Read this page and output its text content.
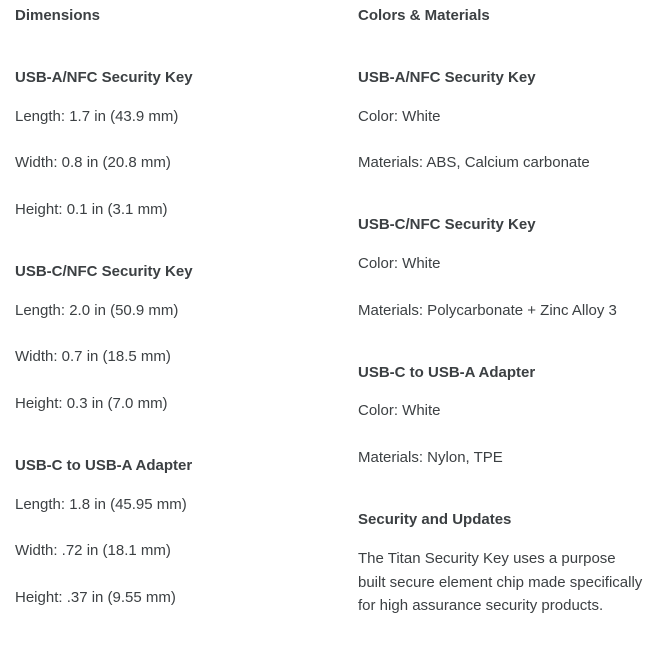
Dimensions
USB-A/NFC Security Key
Length: 1.7 in (43.9 mm)
Width: 0.8 in (20.8 mm)
Height: 0.1 in (3.1 mm)
USB-C/NFC Security Key
Length: 2.0 in (50.9 mm)
Width: 0.7 in (18.5 mm)
Height: 0.3 in (7.0 mm)
USB-C to USB-A Adapter
Length: 1.8 in (45.95 mm)
Width: .72 in (18.1 mm)
Height: .37 in (9.55 mm)
Colors & Materials
USB-A/NFC Security Key
Color: White
Materials: ABS, Calcium carbonate
USB-C/NFC Security Key
Color: White
Materials: Polycarbonate + Zinc Alloy 3
USB-C to USB-A Adapter
Color: White
Materials: Nylon, TPE
Security and Updates
The Titan Security Key uses a purpose built secure element chip made specifically for high assurance security products.
